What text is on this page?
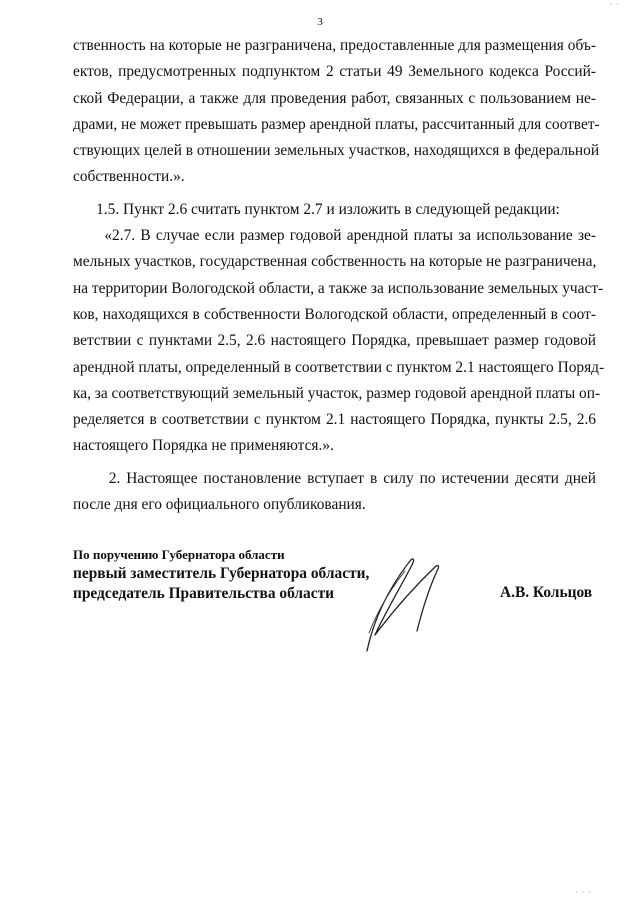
· ·
3
ственность на которые не разграничена, предоставленные для размещения объ-
ектов, предусмотренных подпунктом 2 статьи 49 Земельного кодекса Россий-
ской Федерации, а также для проведения работ, связанных с пользованием не-
драми, не может превышать размер арендной платы, рассчитанный для соответ-
ствующих целей в отношении земельных участков, находящихся в федеральной
собственности.».
1.5. Пункт 2.6 считать пунктом 2.7 и изложить в следующей редакции:
«2.7. В случае если размер годовой арендной платы за использование зе-
мельных участков, государственная собственность на которые не разграничена,
на территории Вологодской области, а также за использование земельных участ-
ков, находящихся в собственности Вологодской области, определенный в соот-
ветствии с пунктами 2.5, 2.6 настоящего Порядка, превышает размер годовой
арендной платы, определенный в соответствии с пунктом 2.1 настоящего Поряд-
ка, за соответствующий земельный участок, размер годовой арендной платы оп-
ределяется в соответствии с пунктом 2.1 настоящего Порядка, пункты 2.5, 2.6
настоящего Порядка не применяются.».
2. Настоящее постановление вступает в силу по истечении десяти дней
после дня его официального опубликования.
По поручению Губернатора области
первый заместитель Губернатора области,
председатель Правительства области	А.В. Кольцов
· · ·
